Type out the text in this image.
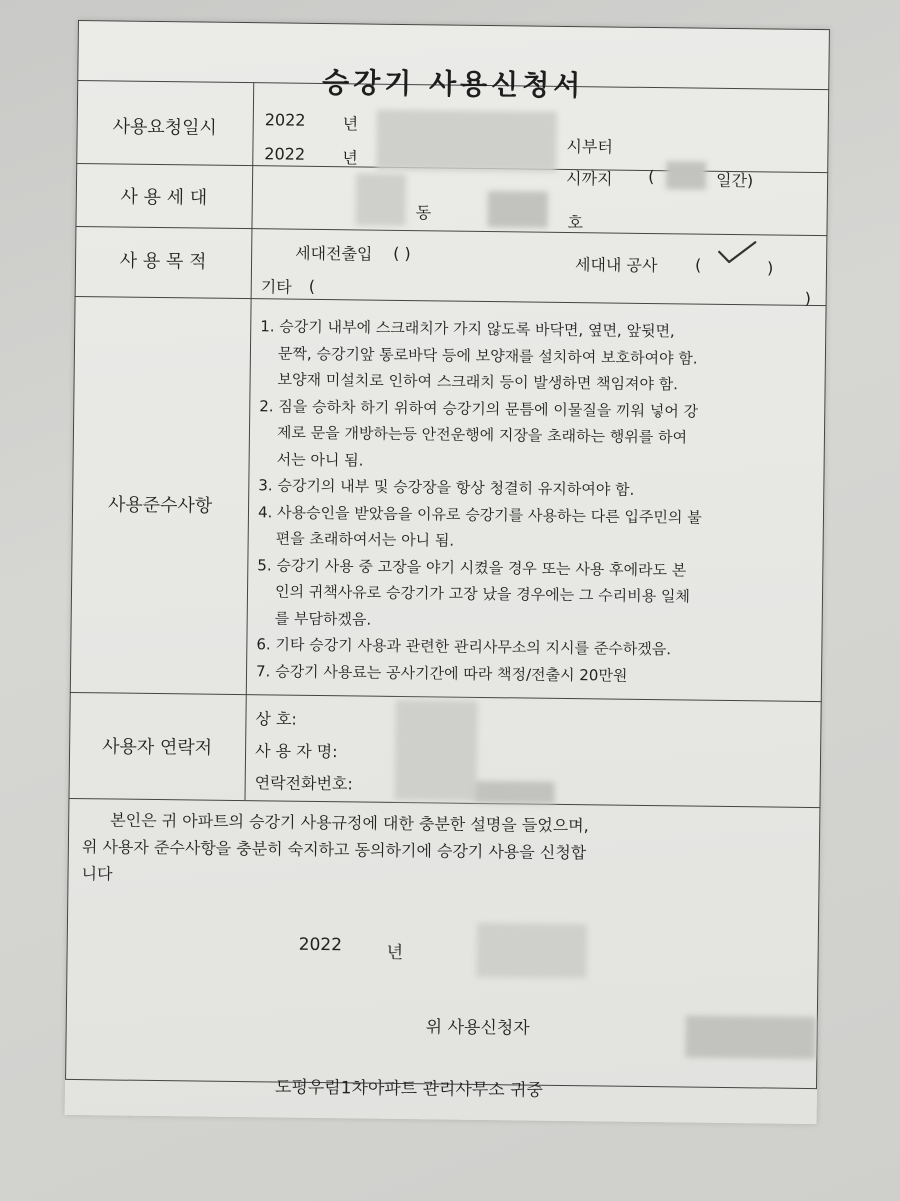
승강기 사용신청서
사용요청일시	2022 년
시부터
2022 년
시까지 (	일간)
사 용 세 대
동
호
사 용 목 적	세대전출입 ( )
세대내 공사 (	)
기타 (
)
사용준수사항
1. 승강기 내부에 스크래치가 가지 않도록 바닥면, 옆면, 앞뒷면,
문짝, 승강기앞 통로바닥 등에 보양재를 설치하여 보호하여야 함.
보양재 미설치로 인하여 스크래치 등이 발생하면 책임져야 함.
2. 짐을 승하차 하기 위하여 승강기의 문틈에 이물질을 끼워 넣어 강
제로 문을 개방하는등 안전운행에 지장을 초래하는 행위를 하여
서는 아니 됨.
3. 승강기의 내부 및 승강장을 항상 청결히 유지하여야 함.
4. 사용승인을 받았음을 이유로 승강기를 사용하는 다른 입주민의 불
편을 초래하여서는 아니 됨.
5. 승강기 사용 중 고장을 야기 시켰을 경우 또는 사용 후에라도 본
인의 귀책사유로 승강기가 고장 났을 경우에는 그 수리비용 일체
를 부담하겠음.
6. 기타 승강기 사용과 관련한 관리사무소의 지시를 준수하겠음.
7. 승강기 사용료는 공사기간에 따라 책정/전출시 20만원
사용자 연락저
상 호:
사 용 자 명:
연락전화번호:
본인은 귀 아파트의 승강기 사용규정에 대한 충분한 설명을 들었으며,
위 사용자 준수사항을 충분히 숙지하고 동의하기에 승강기 사용을 신청합
니다
2022	년
위 사용신청자
도평우림1차아파트 관리사무소 귀중
